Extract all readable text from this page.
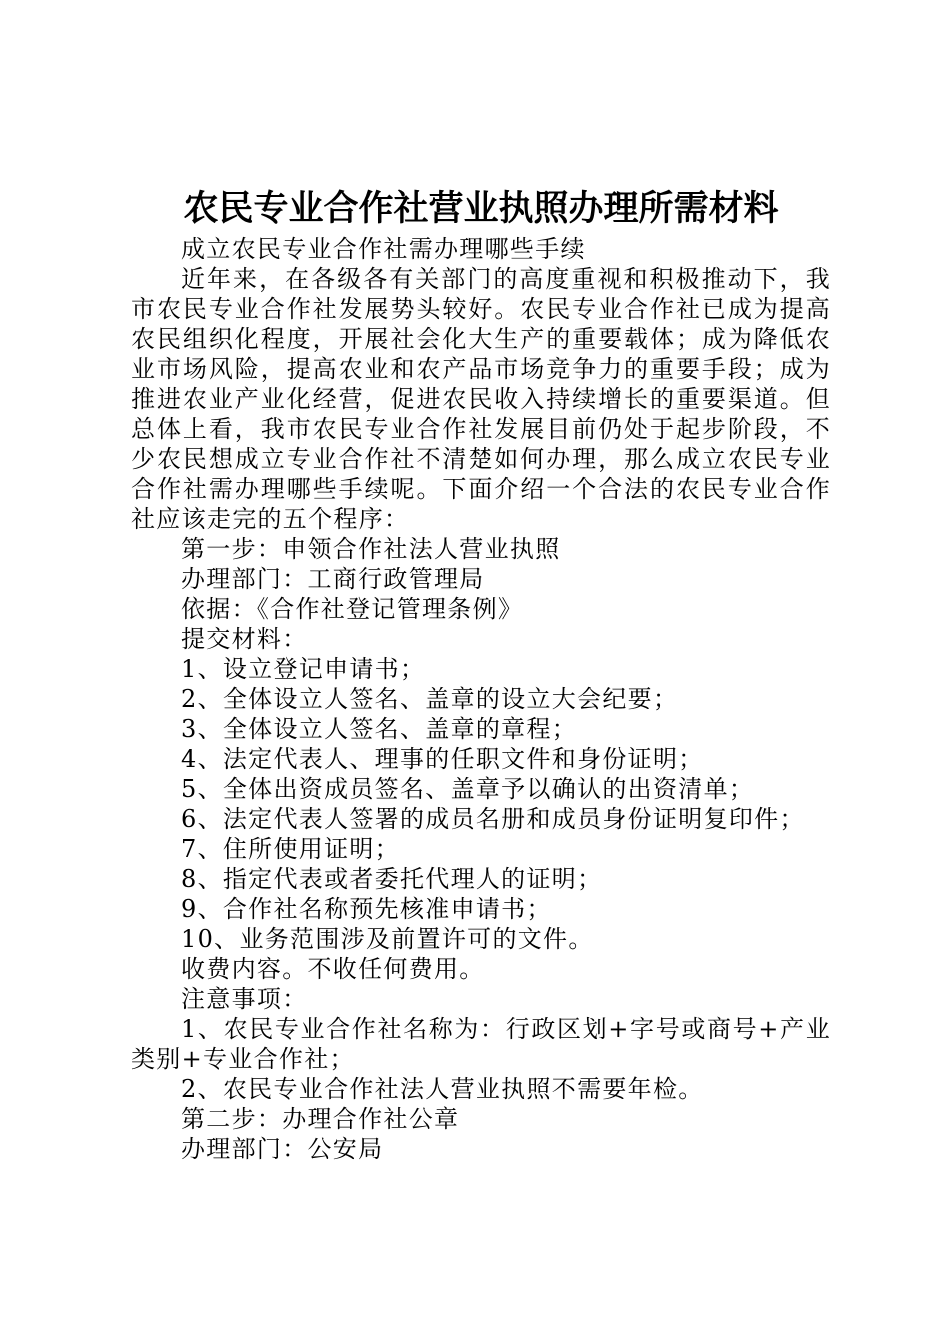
农民专业合作社营业执照办理所需材料

成立农民专业合作社需办理哪些手续

近年来，在各级各有关部门的高度重视和积极推动下，我市农民专业合作社发展势头较好。农民专业合作社已成为提高农民组织化程度，开展社会化大生产的重要载体；成为降低农业市场风险，提高农业和农产品市场竞争力的重要手段；成为推进农业产业化经营，促进农民收入持续增长的重要渠道。但总体上看，我市农民专业合作社发展目前仍处于起步阶段，不少农民想成立专业合作社不清楚如何办理，那么成立农民专业合作社需办理哪些手续呢。下面介绍一个合法的农民专业合作社应该走完的五个程序：

第一步：申领合作社法人营业执照

办理部门：工商行政管理局

依据：《合作社登记管理条例》

提交材料：

1、设立登记申请书；

2、全体设立人签名、盖章的设立大会纪要；

3、全体设立人签名、盖章的章程；

4、法定代表人、理事的任职文件和身份证明；

5、全体出资成员签名、盖章予以确认的出资清单；

6、法定代表人签署的成员名册和成员身份证明复印件；

7、住所使用证明；

8、指定代表或者委托代理人的证明；

9、合作社名称预先核准申请书；

10、业务范围涉及前置许可的文件。

收费内容。不收任何费用。

注意事项：

1、农民专业合作社名称为：行政区划+字号或商号+产业类别+专业合作社；

2、农民专业合作社法人营业执照不需要年检。

第二步：办理合作社公章

办理部门：公安局
